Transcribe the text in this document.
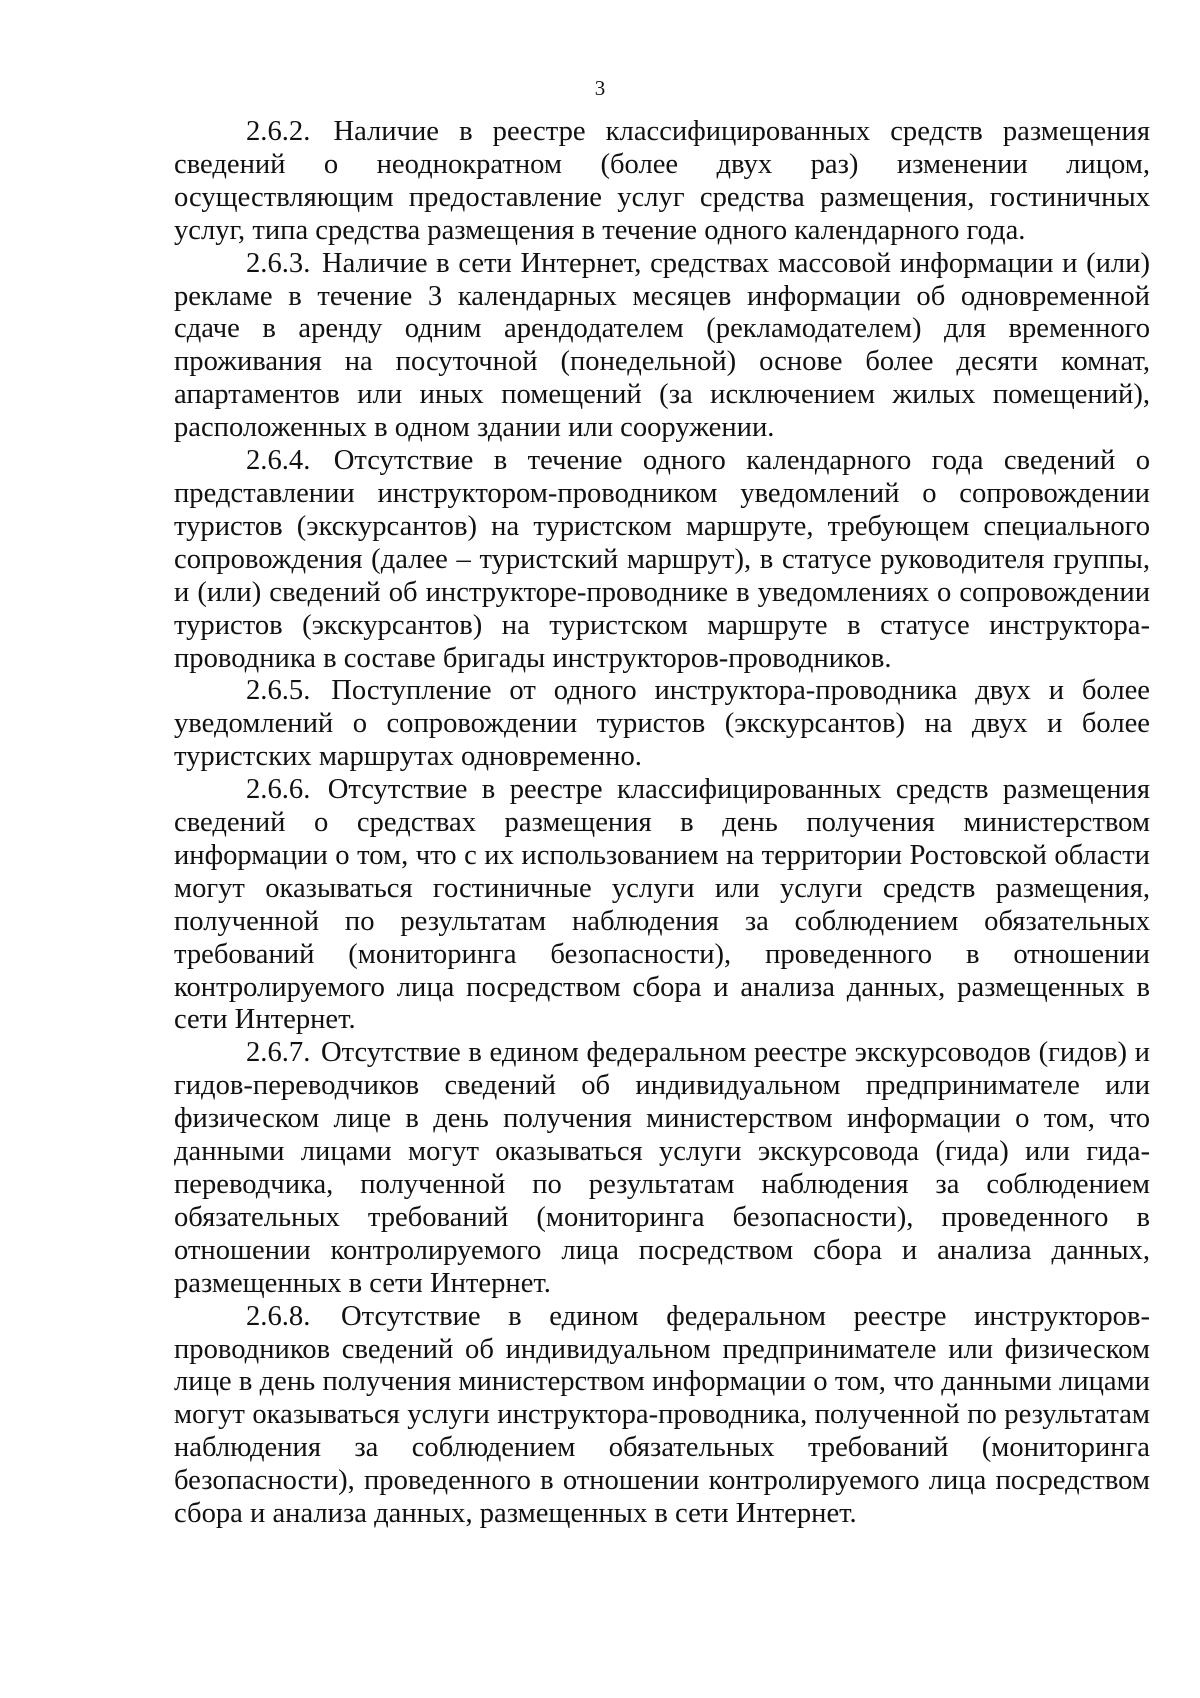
3

2.6.2. Наличие в реестре классифицированных средств размещения сведений о неоднократном (более двух раз) изменении лицом, осуществляющим предоставление услуг средства размещения, гостиничных услуг, типа средства размещения в течение одного календарного года.

2.6.3. Наличие в сети Интернет, средствах массовой информации и (или) рекламе в течение 3 календарных месяцев информации об одновременной сдаче в аренду одним арендодателем (рекламодателем) для временного проживания на посуточной (понедельной) основе более десяти комнат, апартаментов или иных помещений (за исключением жилых помещений), расположенных в одном здании или сооружении.

2.6.4. Отсутствие в течение одного календарного года сведений о представлении инструктором-проводником уведомлений о сопровождении туристов (экскурсантов) на туристском маршруте, требующем специального сопровождения (далее – туристский маршрут), в статусе руководителя группы, и (или) сведений об инструкторе-проводнике в уведомлениях о сопровождении туристов (экскурсантов) на туристском маршруте в статусе инструктора-проводника в составе бригады инструкторов-проводников.

2.6.5. Поступление от одного инструктора-проводника двух и более уведомлений о сопровождении туристов (экскурсантов) на двух и более туристских маршрутах одновременно.

2.6.6. Отсутствие в реестре классифицированных средств размещения сведений о средствах размещения в день получения министерством информации о том, что с их использованием на территории Ростовской области могут оказываться гостиничные услуги или услуги средств размещения, полученной по результатам наблюдения за соблюдением обязательных требований (мониторинга безопасности), проведенного в отношении контролируемого лица посредством сбора и анализа данных, размещенных в сети Интернет.

2.6.7. Отсутствие в едином федеральном реестре экскурсоводов (гидов) и гидов-переводчиков сведений об индивидуальном предпринимателе или физическом лице в день получения министерством информации о том, что данными лицами могут оказываться услуги экскурсовода (гида) или гида-переводчика, полученной по результатам наблюдения за соблюдением обязательных требований (мониторинга безопасности), проведенного в отношении контролируемого лица посредством сбора и анализа данных, размещенных в сети Интернет.

2.6.8. Отсутствие в едином федеральном реестре инструкторов-проводников сведений об индивидуальном предпринимателе или физическом лице в день получения министерством информации о том, что данными лицами могут оказываться услуги инструктора-проводника, полученной по результатам наблюдения за соблюдением обязательных требований (мониторинга безопасности), проведенного в отношении контролируемого лица посредством сбора и анализа данных, размещенных в сети Интернет.
